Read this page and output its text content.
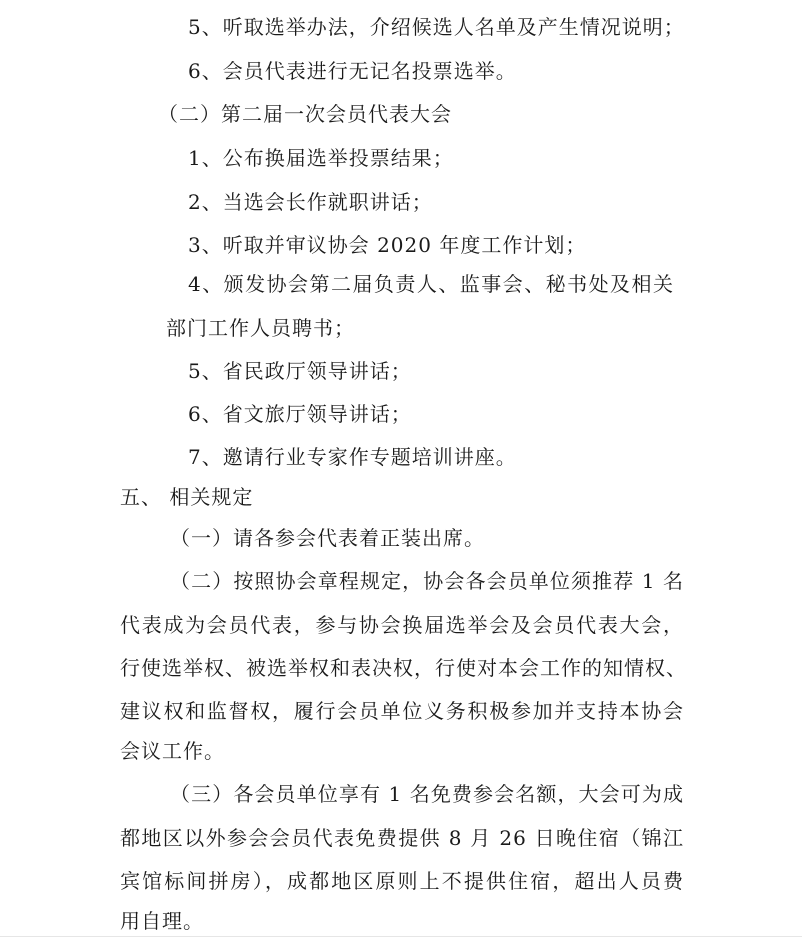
5、听取选举办法，介绍候选人名单及产生情况说明；
6、会员代表进行无记名投票选举。
（二）第二届一次会员代表大会
1、公布换届选举投票结果；
2、当选会长作就职讲话；
3、听取并审议协会 2020 年度工作计划；
4、颁发协会第二届负责人、监事会、秘书处及相关
部门工作人员聘书；
5、省民政厅领导讲话；
6、省文旅厅领导讲话；
7、邀请行业专家作专题培训讲座。
五、 相关规定
（一）请各参会代表着正装出席。
（二）按照协会章程规定，协会各会员单位须推荐 1 名
代表成为会员代表，参与协会换届选举会及会员代表大会，
行使选举权、被选举权和表决权，行使对本会工作的知情权、
建议权和监督权，履行会员单位义务积极参加并支持本协会
会议工作。
（三）各会员单位享有 1 名免费参会名额，大会可为成
都地区以外参会会员代表免费提供 8 月 26 日晚住宿（锦江
宾馆标间拼房），成都地区原则上不提供住宿，超出人员费
用自理。
